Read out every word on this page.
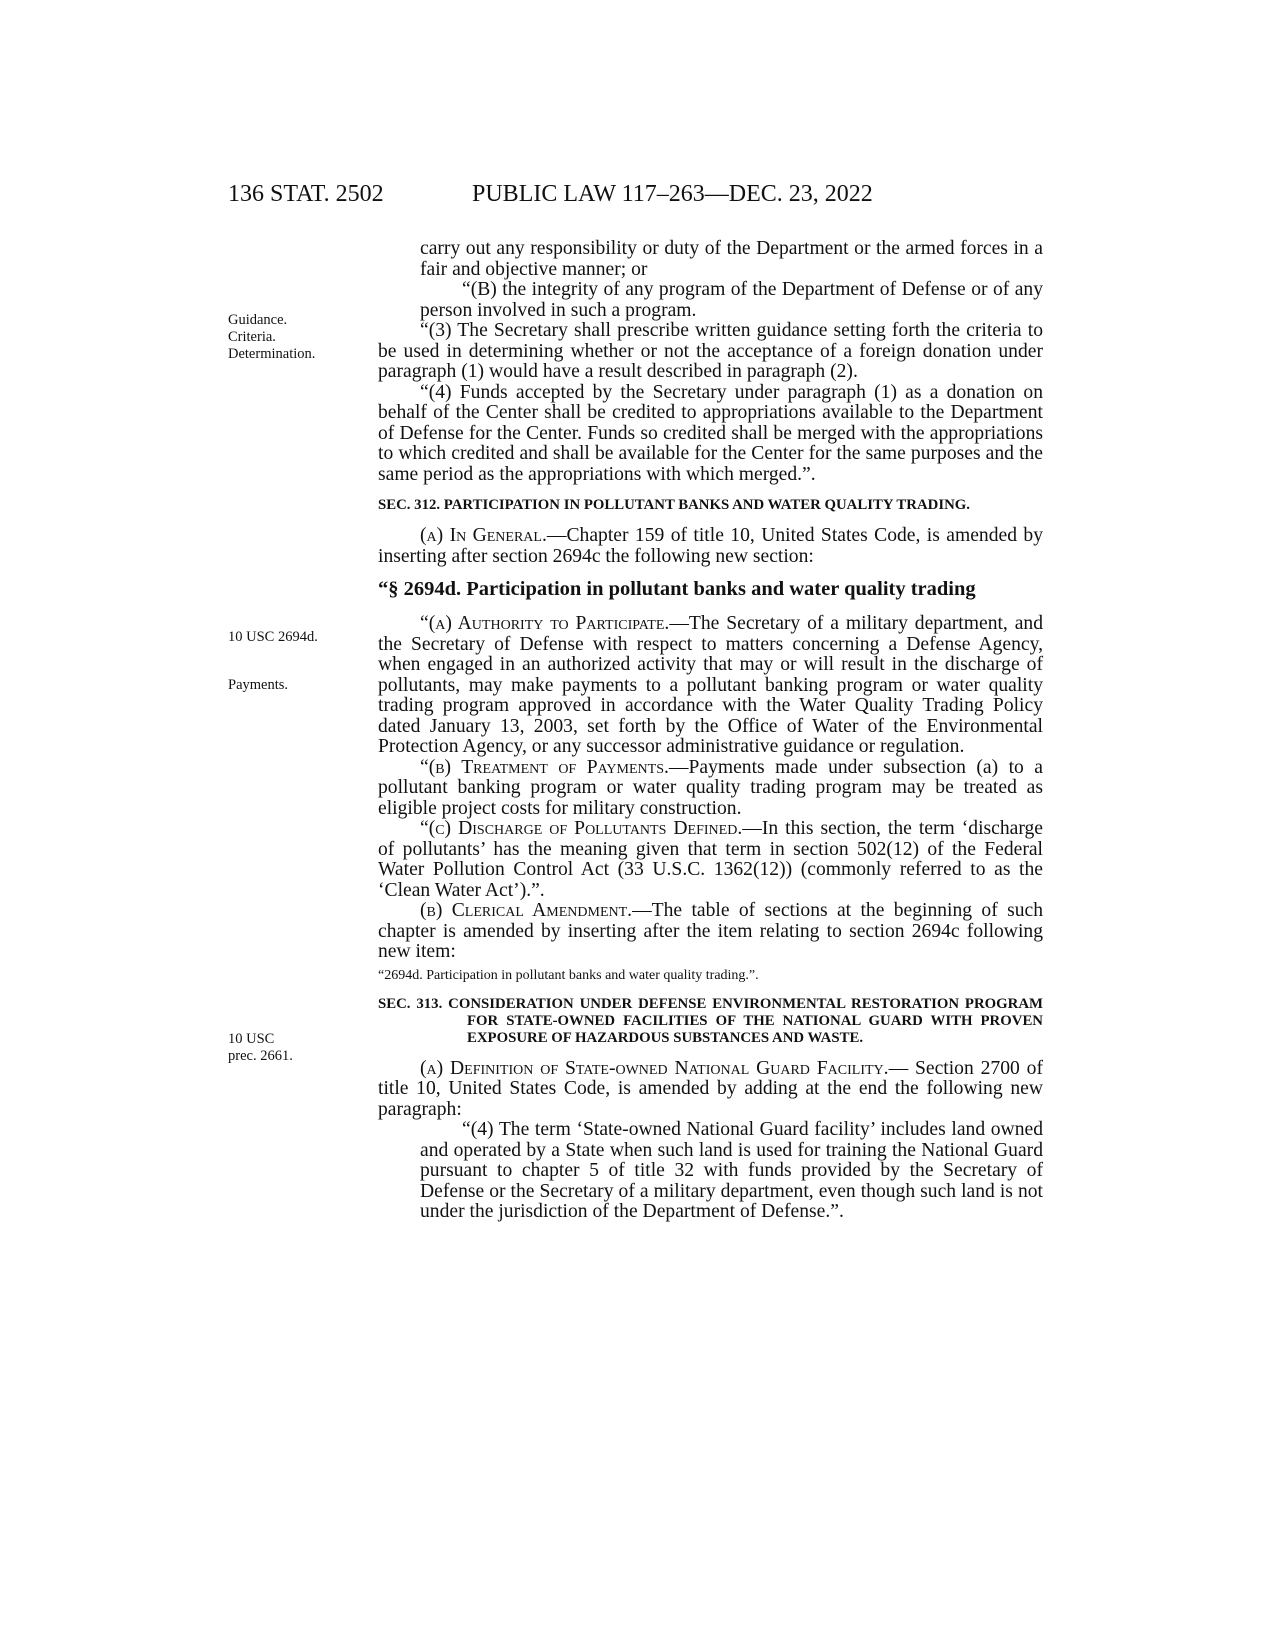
136 STAT. 2502	PUBLIC LAW 117–263—DEC. 23, 2022
Guidance.
Criteria.
Determination.
10 USC 2694d.
Payments.
10 USC
prec. 2661.

carry out any responsibility or duty of the Department or the armed forces in a fair and objective manner; or

“(B) the integrity of any program of the Department of Defense or of any person involved in such a program.

“(3) The Secretary shall prescribe written guidance setting forth the criteria to be used in determining whether or not the acceptance of a foreign donation under paragraph (1) would have a result described in paragraph (2).

“(4) Funds accepted by the Secretary under paragraph (1) as a donation on behalf of the Center shall be credited to appropriations available to the Department of Defense for the Center. Funds so credited shall be merged with the appropriations to which credited and shall be available for the Center for the same purposes and the same period as the appropriations with which merged.”.

SEC. 312. PARTICIPATION IN POLLUTANT BANKS AND WATER QUALITY TRADING.

(a) In General.—Chapter 159 of title 10, United States Code, is amended by inserting after section 2694c the following new section:

“§ 2694d. Participation in pollutant banks and water quality trading

“(a) Authority to Participate.—The Secretary of a military department, and the Secretary of Defense with respect to matters concerning a Defense Agency, when engaged in an authorized activity that may or will result in the discharge of pollutants, may make payments to a pollutant banking program or water quality trading program approved in accordance with the Water Quality Trading Policy dated January 13, 2003, set forth by the Office of Water of the Environmental Protection Agency, or any successor administrative guidance or regulation.

“(b) Treatment of Payments.—Payments made under subsection (a) to a pollutant banking program or water quality trading program may be treated as eligible project costs for military construction.

“(c) Discharge of Pollutants Defined.—In this section, the term ‘discharge of pollutants’ has the meaning given that term in section 502(12) of the Federal Water Pollution Control Act (33 U.S.C. 1362(12)) (commonly referred to as the ‘Clean Water Act’).”.

(b) Clerical Amendment.—The table of sections at the beginning of such chapter is amended by inserting after the item relating to section 2694c following new item:

“2694d. Participation in pollutant banks and water quality trading.”.

SEC. 313. CONSIDERATION UNDER DEFENSE ENVIRONMENTAL RESTORATION PROGRAM FOR STATE-OWNED FACILITIES OF THE NATIONAL GUARD WITH PROVEN EXPOSURE OF HAZARDOUS SUBSTANCES AND WASTE.

(a) Definition of State-owned National Guard Facility.— Section 2700 of title 10, United States Code, is amended by adding at the end the following new paragraph:

“(4) The term ‘State-owned National Guard facility’ includes land owned and operated by a State when such land is used for training the National Guard pursuant to chapter 5 of title 32 with funds provided by the Secretary of Defense or the Secretary of a military department, even though such land is not under the jurisdiction of the Department of Defense.”.
